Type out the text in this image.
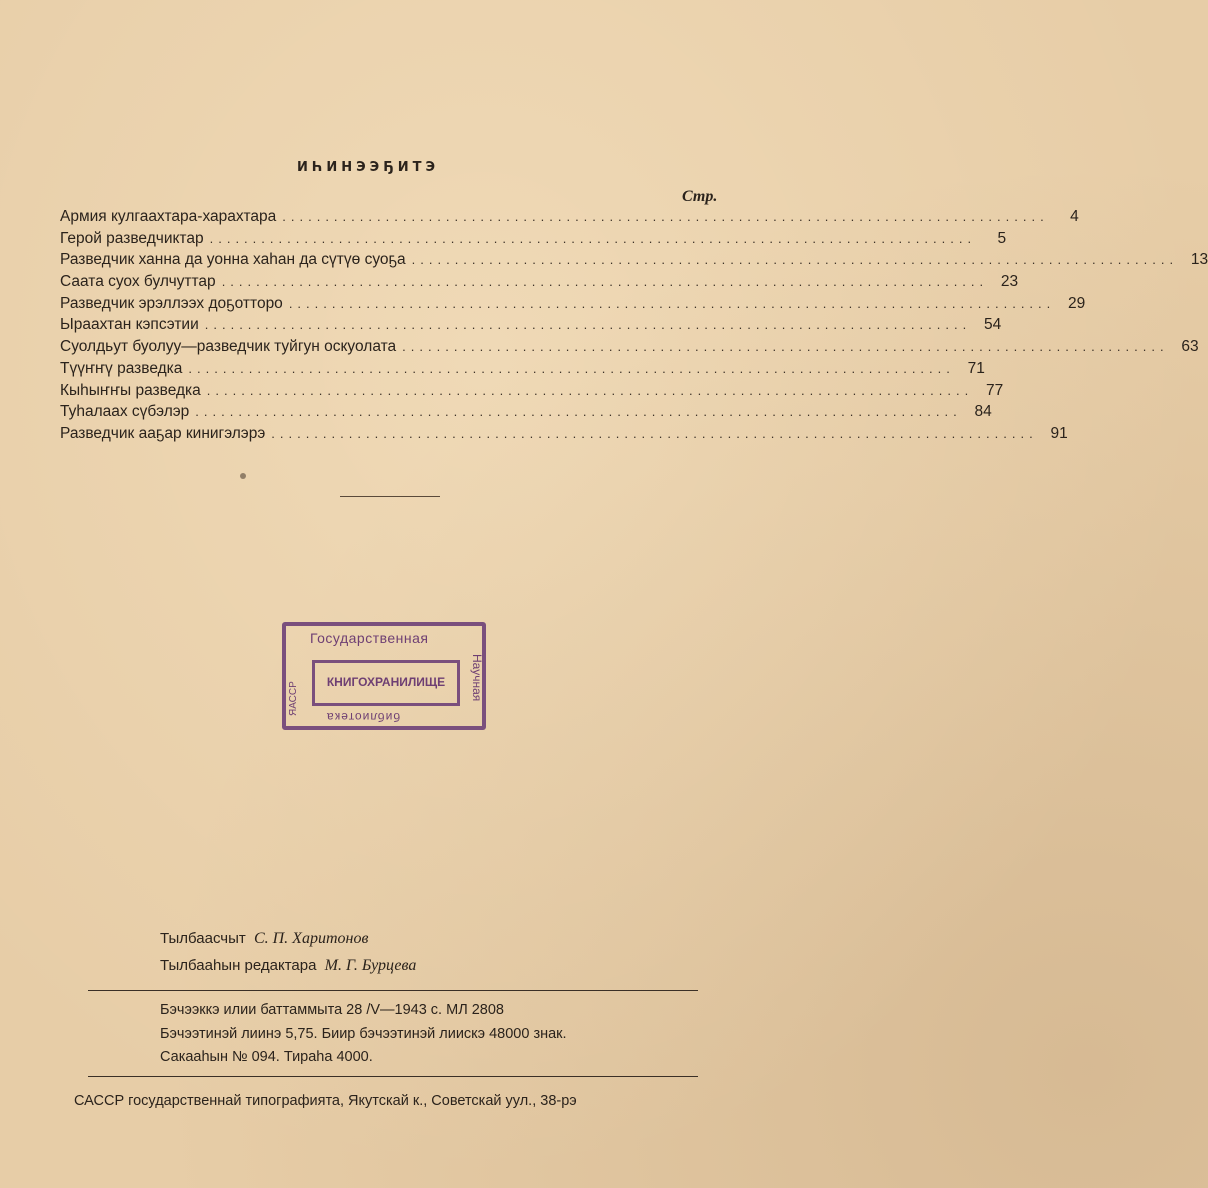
ИҺИНЭЭҔИТЭ
Стр.
Армия кулгаахтара-харахтара .........................................................................................	4
Герой разведчиктар .........................................................................................	5
Разведчик ханна да уонна хаһан да сүтүө суоҕа ......................................................................................... 13
Саата суох булчуттар ......................................................................................... 23
Разведчик эрэллээх доҕотторо ......................................................................................... 29
Ыраахтан кэпсэтии ......................................................................................... 54
Суолдьут буолуу—разведчик туйгун оскуолата ......................................................................................... 63
Түүҥҥү разведка ......................................................................................... 71
Кыһыҥҥы разведка ......................................................................................... 77
Туһалаах сүбэлэр ......................................................................................... 84
Разведчик ааҕар кинигэлэрэ ......................................................................................... 91
Государственная
КНИГОХРАНИЛИЩЕ	Научная
ЯАССР
библиотека
Тылбаасчыт С. П. Харитонов
Тылбааһын редактара М. Г. Бурцева
Бэчээккэ илии баттаммыта 28 /V—1943 с. МЛ 2808
Бэчээтинэй лиинэ 5,75. Биир бэчээтинэй лиискэ 48000 знак.
Сакааһын № 094. Тираһа 4000.
САССР государственнай типографията, Якутскай к., Советскай уул., 38-рэ
